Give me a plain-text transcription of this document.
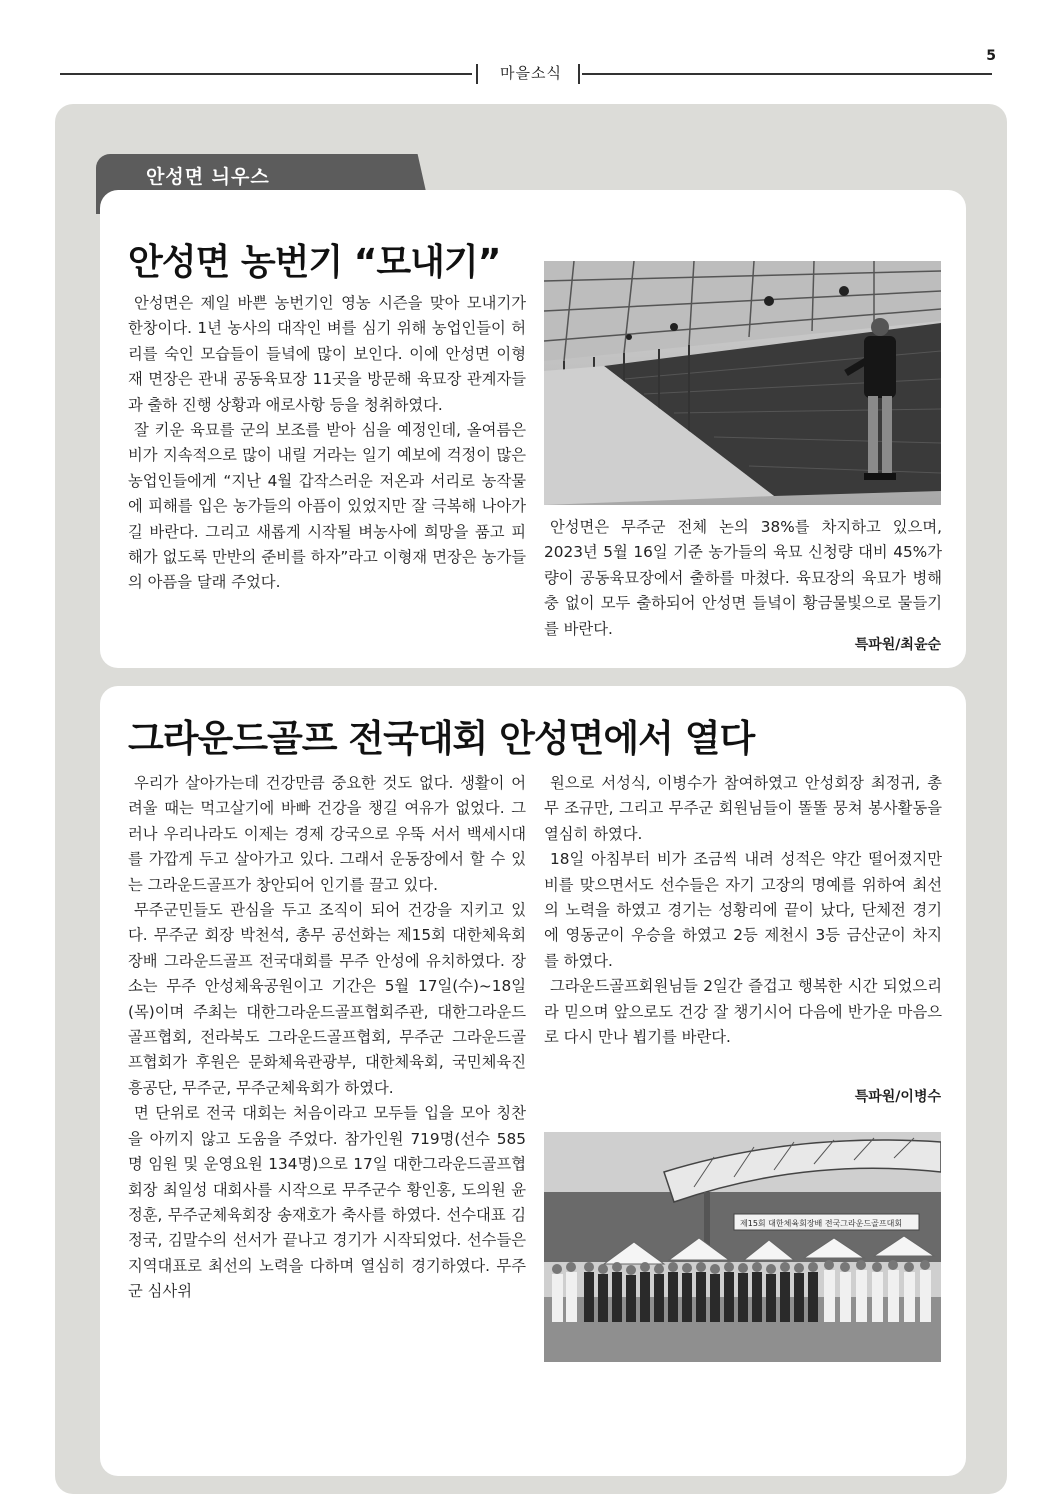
5
마을소식
안성면 늬우스
안성면 농번기 “모내기”

안성면은 제일 바쁜 농번기인 영농 시즌을 맞아 모내기가 한창이다. 1년 농사의 대작인 벼를 심기 위해 농업인들이 허리를 숙인 모습들이 들녘에 많이 보인다. 이에 안성면 이형재 면장은 관내 공동육묘장 11곳을 방문해 육묘장 관계자들과 출하 진행 상황과 애로사항 등을 청취하였다.

잘 키운 육묘를 군의 보조를 받아 심을 예정인데, 올여름은 비가 지속적으로 많이 내릴 거라는 일기 예보에 걱정이 많은 농업인들에게 “지난 4월 갑작스러운 저온과 서리로 농작물에 피해를 입은 농가들의 아픔이 있었지만 잘 극복해 나아가길 바란다. 그리고 새롭게 시작될 벼농사에 희망을 품고 피해가 없도록 만반의 준비를 하자”라고 이형재 면장은 농가들의 아픔을 달래 주었다.

안성면은 무주군 전체 논의 38%를 차지하고 있으며, 2023년 5월 16일 기준 농가들의 육묘 신청량 대비 45%가량이 공동육묘장에서 출하를 마쳤다. 육묘장의 육묘가 병해충 없이 모두 출하되어 안성면 들녘이 황금물빛으로 물들기를 바란다.

특파원/최윤순
그라운드골프 전국대회 안성면에서 열다

우리가 살아가는데 건강만큼 중요한 것도 없다. 생활이 어려울 때는 먹고살기에 바빠 건강을 챙길 여유가 없었다. 그러나 우리나라도 이제는 경제 강국으로 우뚝 서서 백세시대를 가깝게 두고 살아가고 있다. 그래서 운동장에서 할 수 있는 그라운드골프가 창안되어 인기를 끌고 있다.

무주군민들도 관심을 두고 조직이 되어 건강을 지키고 있다. 무주군 회장 박천석, 총무 공선화는 제15회 대한체육회장배 그라운드골프 전국대회를 무주 안성에 유치하였다. 장소는 무주 안성체육공원이고 기간은 5월 17일(수)~18일(목)이며 주최는 대한그라운드골프협회주관, 대한그라운드골프협회, 전라북도 그라운드골프협회, 무주군 그라운드골프협회가 후원은 문화체육관광부, 대한체육회, 국민체육진흥공단, 무주군, 무주군체육회가 하였다.

면 단위로 전국 대회는 처음이라고 모두들 입을 모아 칭찬을 아끼지 않고 도움을 주었다. 참가인원 719명(선수 585명 임원 및 운영요원 134명)으로 17일 대한그라운드골프협회장 최일성 대회사를 시작으로 무주군수 황인홍, 도의원 윤정훈, 무주군체육회장 송재호가 축사를 하였다. 선수대표 김정국, 김말수의 선서가 끝나고 경기가 시작되었다. 선수들은 지역대표로 최선의 노력을 다하며 열심히 경기하였다. 무주군 심사위

원으로 서성식, 이병수가 참여하였고 안성회장 최정귀, 총무 조규만, 그리고 무주군 회원님들이 똘똘 뭉쳐 봉사활동을 열심히 하였다.

18일 아침부터 비가 조금씩 내려 성적은 약간 떨어졌지만 비를 맞으면서도 선수들은 자기 고장의 명예를 위하여 최선의 노력을 하였고 경기는 성황리에 끝이 났다, 단체전 경기에 영동군이 우승을 하였고 2등 제천시 3등 금산군이 차지를 하였다.

그라운드골프회원님들 2일간 즐겁고 행복한 시간 되었으리라 믿으며 앞으로도 건강 잘 챙기시어 다음에 반가운 마음으로 다시 만나 뵙기를 바란다.

특파원/이병수
제15회 대한체육회장배 전국그라운드골프대회
